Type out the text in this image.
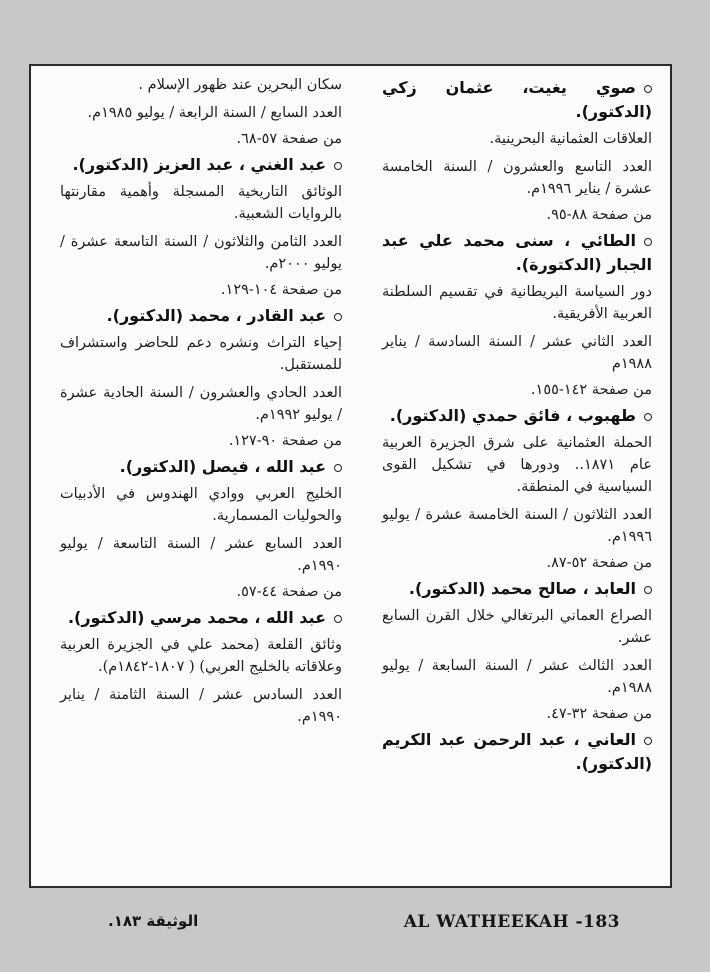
صوي يغيت، عثمان زكي (الدكتور).
العلاقات العثمانية البحرينية.
العدد التاسع والعشرون / السنة الخامسة عشرة / يناير ١٩٩٦م.
من صفحة ٨٨-٩٥.
الطائي ، سنى محمد علي عبد الجبار (الدكتورة).
دور السياسة البريطانية في تقسيم السلطنة العربية الأفريقية.
العدد الثاني عشر / السنة السادسة / يناير ١٩٨٨م
من صفحة ١٤٢-١٥٥.
طهبوب ، فائق حمدي (الدكتور).
الحملة العثمانية على شرق الجزيرة العربية عام ١٨٧١.. ودورها في تشكيل القوى السياسية في المنطقة.
العدد الثلاثون / السنة الخامسة عشرة / يوليو ١٩٩٦م.
من صفحة ٥٢-٨٧.
العابد ، صالح محمد (الدكتور).
الصراع العماني البرتغالي خلال القرن السابع عشر.
العدد الثالث عشر / السنة السابعة / يوليو ١٩٨٨م.
من صفحة ٣٢-٤٧.
العاني ، عبد الرحمن عبد الكريم (الدكتور).
سكان البحرين عند ظهور الإسلام .
العدد السابع / السنة الرابعة / يوليو ١٩٨٥م.
من صفحة ٥٧-٦٨.
عبد الغني ، عبد العزيز (الدكتور).
الوثائق التاريخية المسجلة وأهمية مقارنتها بالروايات الشعبية.
العدد الثامن والثلاثون / السنة التاسعة عشرة / يوليو ٢٠٠٠م.
من صفحة ١٠٤-١٢٩.
عبد القادر ، محمد (الدكتور).
إحياء التراث ونشره دعم للحاضر واستشراف للمستقبل.
العدد الحادي والعشرون / السنة الحادية عشرة / يوليو ١٩٩٢م.
من صفحة ٩٠-١٢٧.
عبد الله ، فيصل (الدكتور).
الخليج العربي ووادي الهندوس في الأدبيات والحوليات المسمارية.
العدد السابع عشر / السنة التاسعة / يوليو ١٩٩٠م.
من صفحة ٤٤-٥٧.
عبد الله ، محمد مرسي (الدكتور).
وثائق القلعة (محمد علي في الجزيرة العربية وعلاقاته بالخليج العربي) ( ١٨٠٧-١٨٤٢م).
العدد السادس عشر / السنة الثامنة / يناير ١٩٩٠م.
AL WATHEEKAH -183
الوثيقة ١٨٣.
